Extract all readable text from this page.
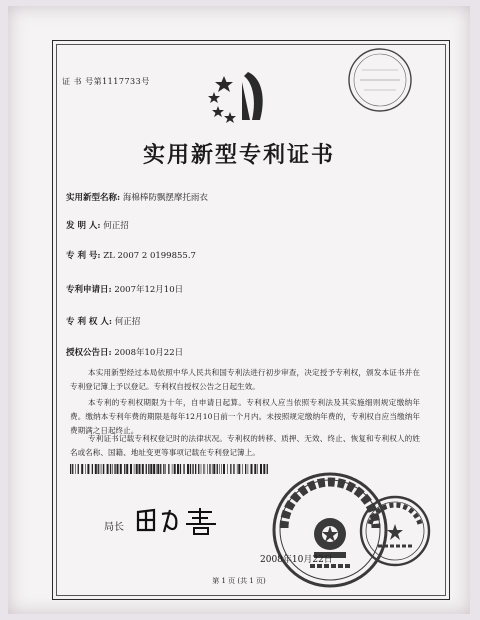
证 书 号第1117733号
实用新型专利证书
实用新型名称: 海棉棒防飘摆摩托雨衣
发 明 人: 何正招
专 利 号: ZL 2007 2 0199855.7
专利申请日: 2007年12月10日
专 利 权 人: 何正招
授权公告日: 2008年10月22日
本实用新型经过本局依照中华人民共和国专利法进行初步审查，决定授予专利权，颁发本证书并在专利登记簿上予以登记。专利权自授权公告之日起生效。
本专利的专利权期限为十年，自申请日起算。专利权人应当依照专利法及其实施细则规定缴纳年费。缴纳本专利年费的期限是每年12月10日前一个月内。未按照规定缴纳年费的，专利权自应当缴纳年费期满之日起终止。
专利证书记载专利权登记时的法律状况。专利权的转移、质押、无效、终止、恢复和专利权人的姓名或名称、国籍、地址变更等事项记载在专利登记簿上。
局长
2008年10月22日
第 1 页 (共 1 页)
